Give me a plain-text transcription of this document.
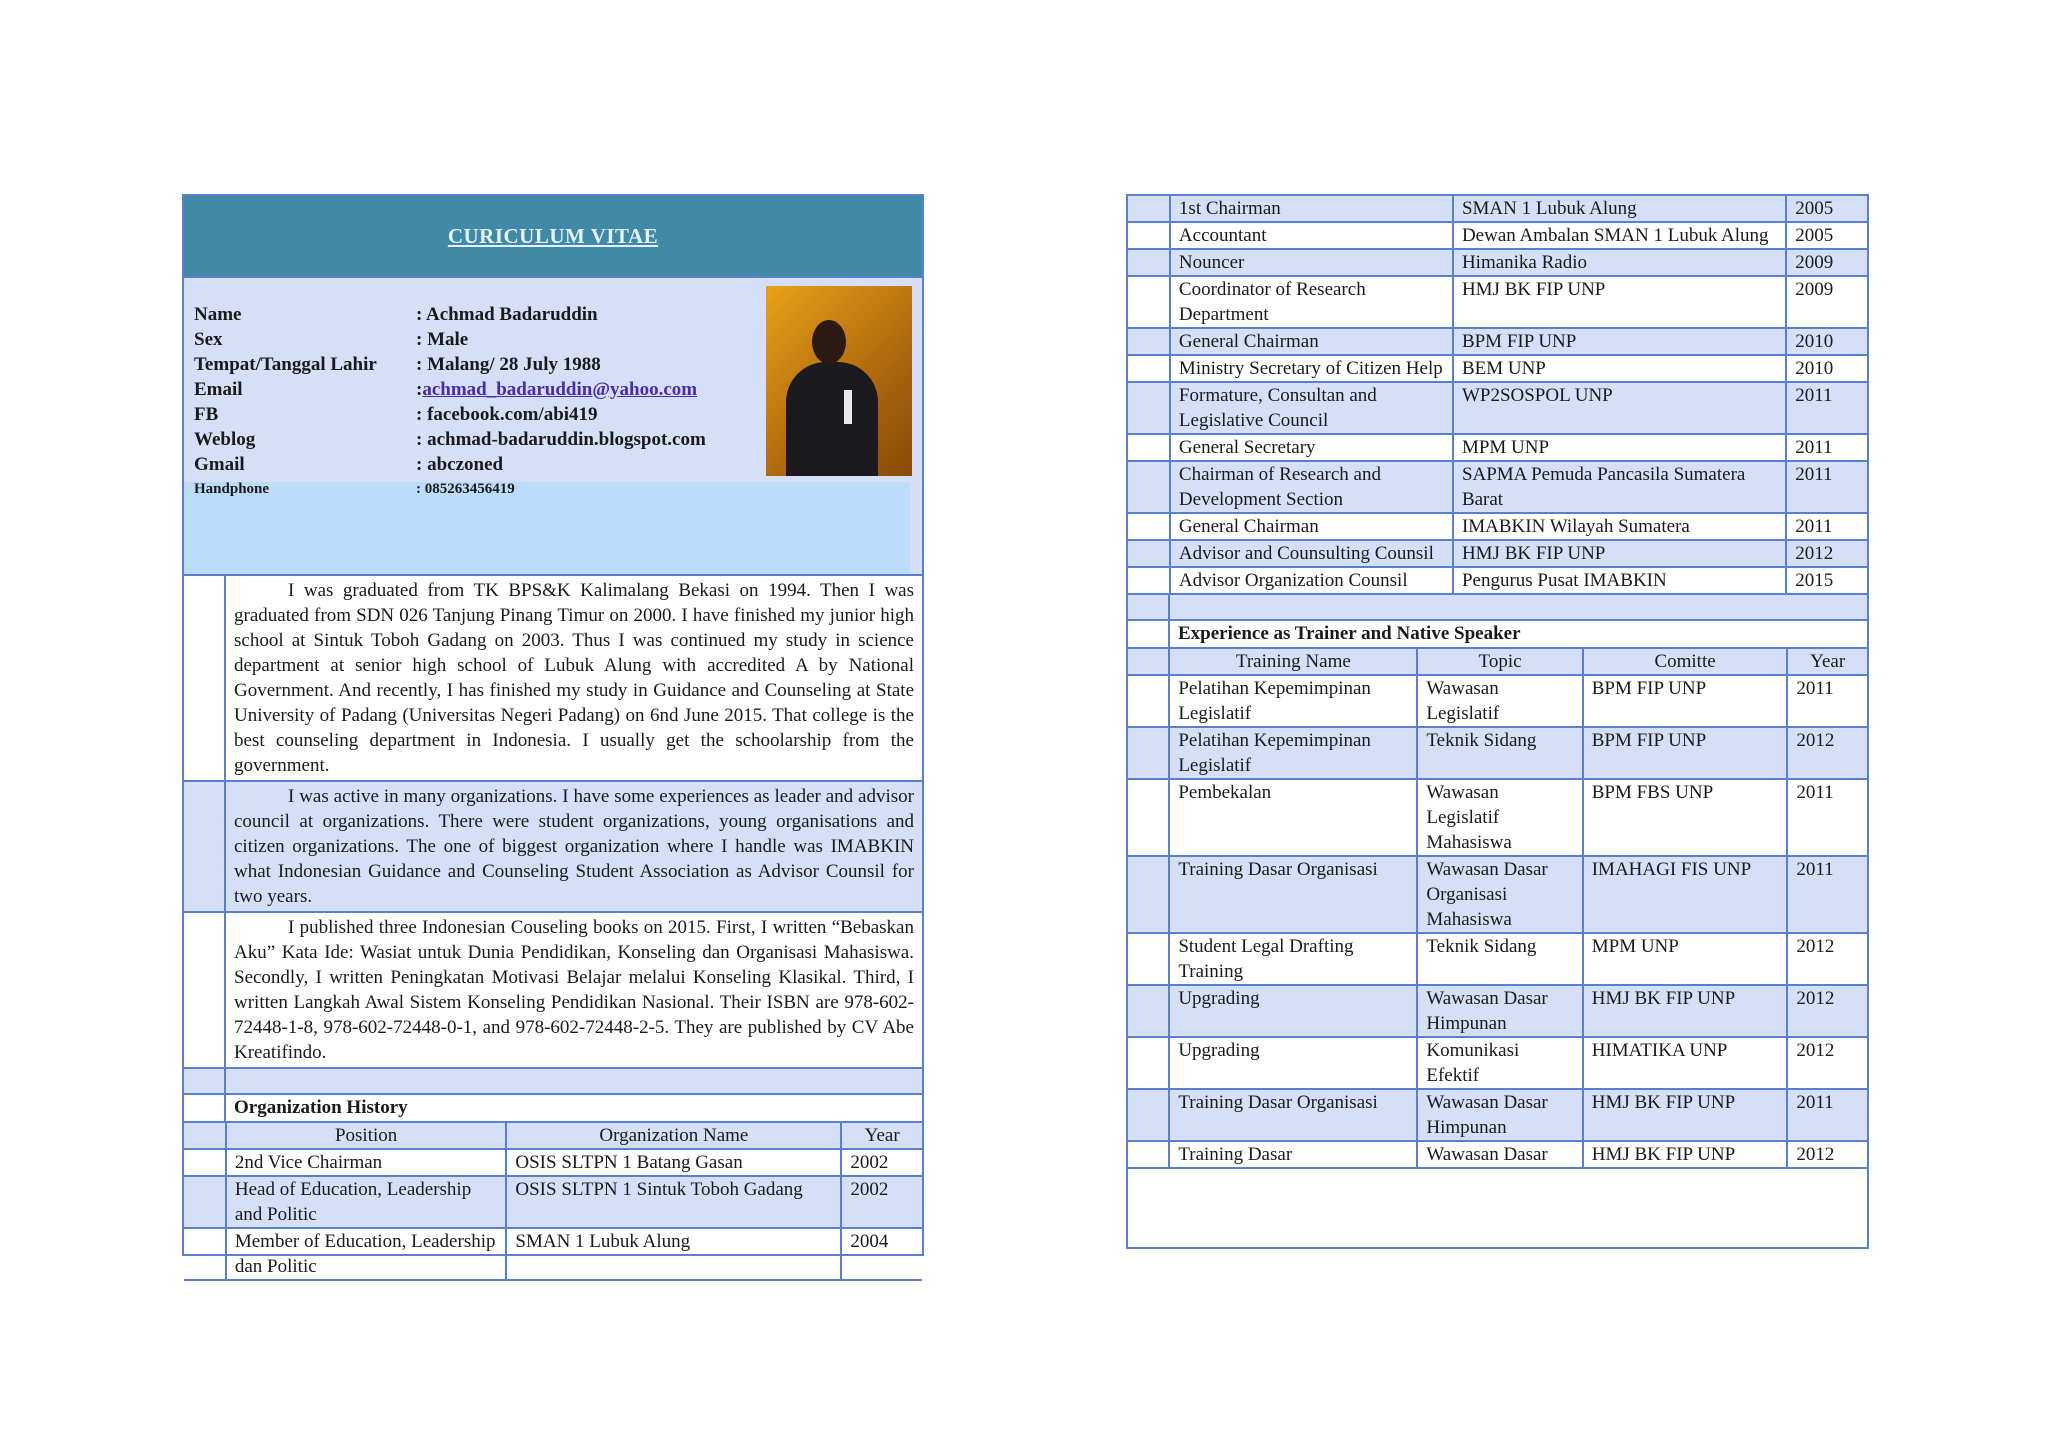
CURICULUM VITAE
Name	: Achmad Badaruddin
Sex	: Male
Tempat/Tanggal Lahir	: Malang/ 28 July 1988
Email	: achmad_badaruddin@yahoo.com
FB	: facebook.com/abi419
Weblog	: achmad-badaruddin.blogspot.com
Gmail	: abczoned
Handphone	: 085263456419
I was graduated from TK BPS&K Kalimalang Bekasi on 1994. Then I was graduated from SDN 026 Tanjung Pinang Timur on 2000. I have finished my junior high school at Sintuk Toboh Gadang on 2003. Thus I was continued my study in science department at senior high school of Lubuk Alung with accredited A by National Government. And recently, I has finished my study in Guidance and Counseling at State University of Padang (Universitas Negeri Padang) on 6nd June 2015. That college is the best counseling department in Indonesia. I usually get the schoolarship from the government.
I was active in many organizations. I have some experiences as leader and advisor council at organizations. There were student organizations, young organisations and citizen organizations. The one of biggest organization where I handle was IMABKIN what Indonesian Guidance and Counseling Student Association as Advisor Counsil for two years.
I published three Indonesian Couseling books on 2015. First, I written “Bebaskan Aku” Kata Ide: Wasiat untuk Dunia Pendidikan, Konseling dan Organisasi Mahasiswa. Secondly, I written Peningkatan Motivasi Belajar melalui Konseling Klasikal. Third, I written Langkah Awal Sistem Konseling Pendidikan Nasional. Their ISBN are 978-602-72448-1-8, 978-602-72448-0-1, and 978-602-72448-2-5. They are published by CV Abe Kreatifindo.
Organization History
	Position	Organization Name	Year
	2nd Vice Chairman	OSIS SLTPN 1 Batang Gasan	2002
	Head of Education, Leadership and Politic	OSIS SLTPN 1 Sintuk Toboh Gadang	2002
	Member of Education, Leadership dan Politic	SMAN 1 Lubuk Alung	2004
	1st Chairman	SMAN 1 Lubuk Alung	2005
	Accountant	Dewan Ambalan SMAN 1 Lubuk Alung	2005
	Nouncer	Himanika Radio	2009
	Coordinator of Research Department	HMJ BK FIP UNP	2009
	General Chairman	BPM FIP UNP	2010
	Ministry Secretary of Citizen Help	BEM UNP	2010
	Formature, Consultan and Legislative Council	WP2SOSPOL UNP	2011
	General Secretary	MPM UNP	2011
	Chairman of Research and Development Section	SAPMA Pemuda Pancasila Sumatera Barat	2011
	General Chairman	IMABKIN Wilayah Sumatera	2011
	Advisor and Counsulting Counsil	HMJ BK FIP UNP	2012
	Advisor Organization Counsil	Pengurus Pusat IMABKIN	2015
Experience as Trainer and Native Speaker
	Training Name	Topic	Comitte	Year
	Pelatihan Kepemimpinan Legislatif	Wawasan Legislatif	BPM FIP UNP	2011
	Pelatihan Kepemimpinan Legislatif	Teknik Sidang	BPM FIP UNP	2012
	Pembekalan	Wawasan Legislatif Mahasiswa	BPM FBS UNP	2011
	Training Dasar Organisasi	Wawasan Dasar Organisasi Mahasiswa	IMAHAGI FIS UNP	2011
	Student Legal Drafting Training	Teknik Sidang	MPM UNP	2012
	Upgrading	Wawasan Dasar Himpunan	HMJ BK FIP UNP	2012
	Upgrading	Komunikasi Efektif	HIMATIKA UNP	2012
	Training Dasar Organisasi	Wawasan Dasar Himpunan	HMJ BK FIP UNP	2011
	Training Dasar	Wawasan Dasar	HMJ BK FIP UNP	2012
